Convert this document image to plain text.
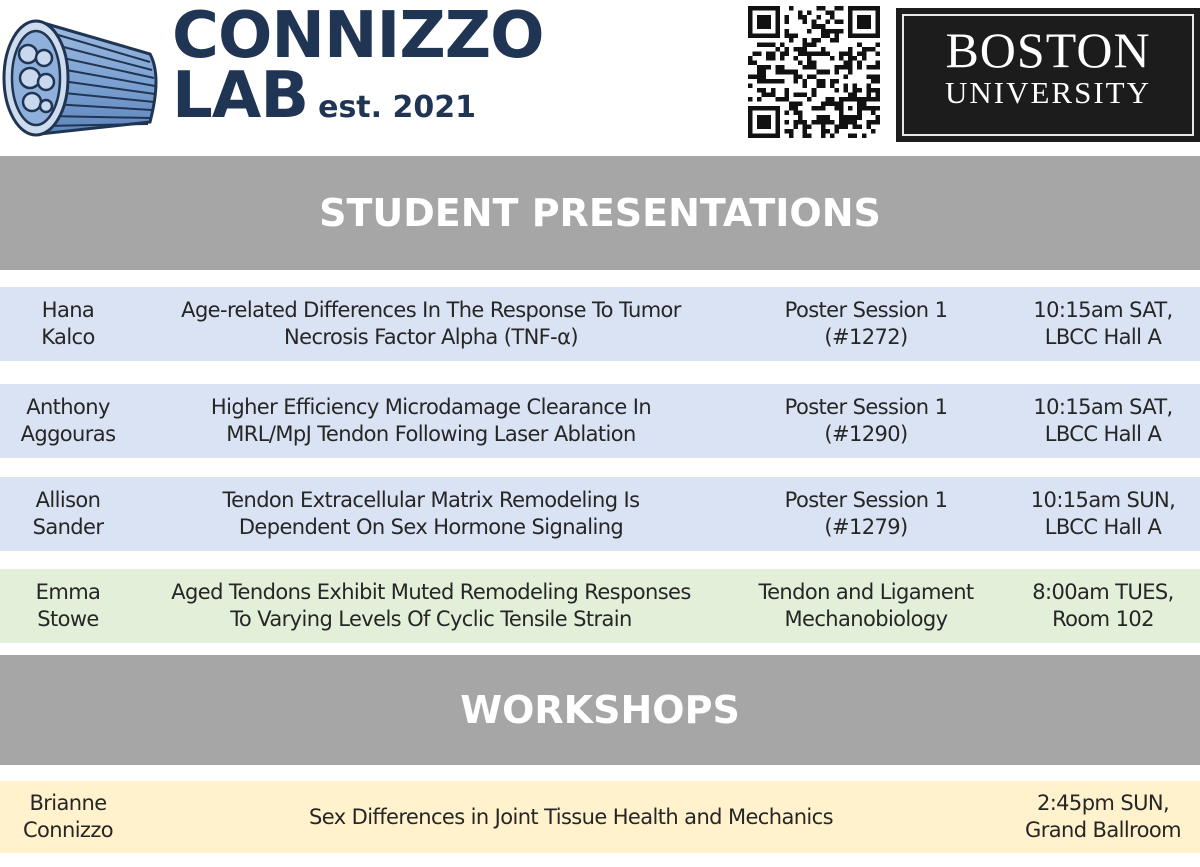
CONNIZZO
LAB est. 2021
BOSTON
UNIVERSITY
STUDENT PRESENTATIONS
Hana
Kalco
Age-related Differences In The Response To Tumor
Necrosis Factor Alpha (TNF-α)
Poster Session 1
(#1272)
10:15am SAT,
LBCC Hall A
Anthony
Aggouras
Higher Efficiency Microdamage Clearance In
MRL/MpJ Tendon Following Laser Ablation
Poster Session 1
(#1290)
10:15am SAT,
LBCC Hall A
Allison
Sander
Tendon Extracellular Matrix Remodeling Is
Dependent On Sex Hormone Signaling
Poster Session 1
(#1279)
10:15am SUN,
LBCC Hall A
Emma
Stowe
Aged Tendons Exhibit Muted Remodeling Responses
To Varying Levels Of Cyclic Tensile Strain
Tendon and Ligament
Mechanobiology
8:00am TUES,
Room 102
WORKSHOPS
Brianne
Connizzo
Sex Differences in Joint Tissue Health and Mechanics
2:45pm SUN,
Grand Ballroom
